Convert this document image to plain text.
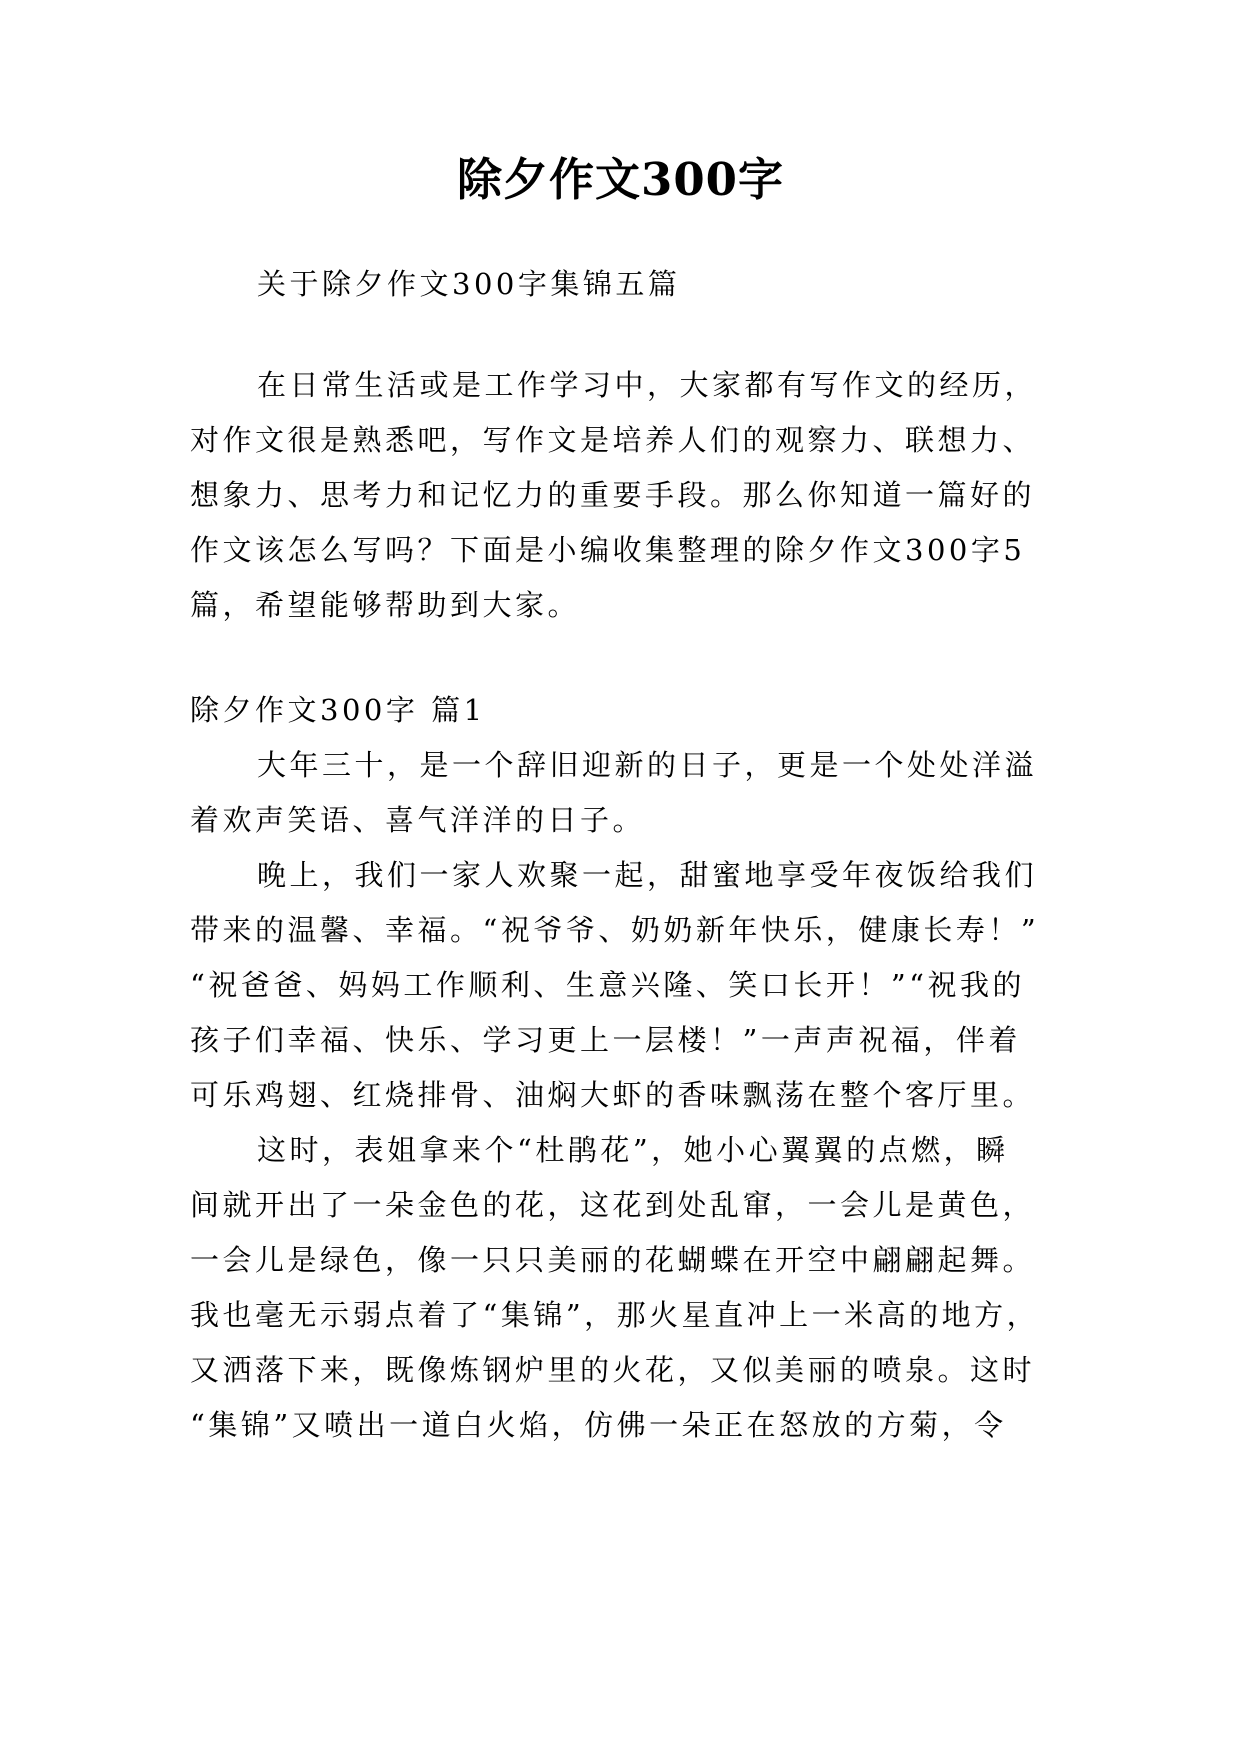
除夕作文300字
关于除夕作文300字集锦五篇
在日常生活或是工作学习中，大家都有写作文的经历，
对作文很是熟悉吧，写作文是培养人们的观察力、联想力、
想象力、思考力和记忆力的重要手段。那么你知道一篇好的
作文该怎么写吗？下面是小编收集整理的除夕作文300字5
篇，希望能够帮助到大家。
除夕作文300字 篇1
大年三十，是一个辞旧迎新的日子，更是一个处处洋溢
着欢声笑语、喜气洋洋的日子。
晚上，我们一家人欢聚一起，甜蜜地享受年夜饭给我们
带来的温馨、幸福。“祝爷爷、奶奶新年快乐，健康长寿！”
“祝爸爸、妈妈工作顺利、生意兴隆、笑口长开！”“祝我的
孩子们幸福、快乐、学习更上一层楼！”一声声祝福，伴着
可乐鸡翅、红烧排骨、油焖大虾的香味飘荡在整个客厅里。
这时，表姐拿来个“杜鹃花”，她小心翼翼的点燃，瞬
间就开出了一朵金色的花，这花到处乱窜，一会儿是黄色，
一会儿是绿色，像一只只美丽的花蝴蝶在开空中翩翩起舞。
我也毫无示弱点着了“集锦”，那火星直冲上一米高的地方，
又洒落下来，既像炼钢炉里的火花，又似美丽的喷泉。这时
“集锦”又喷出一道白火焰，仿佛一朵正在怒放的方菊，令
